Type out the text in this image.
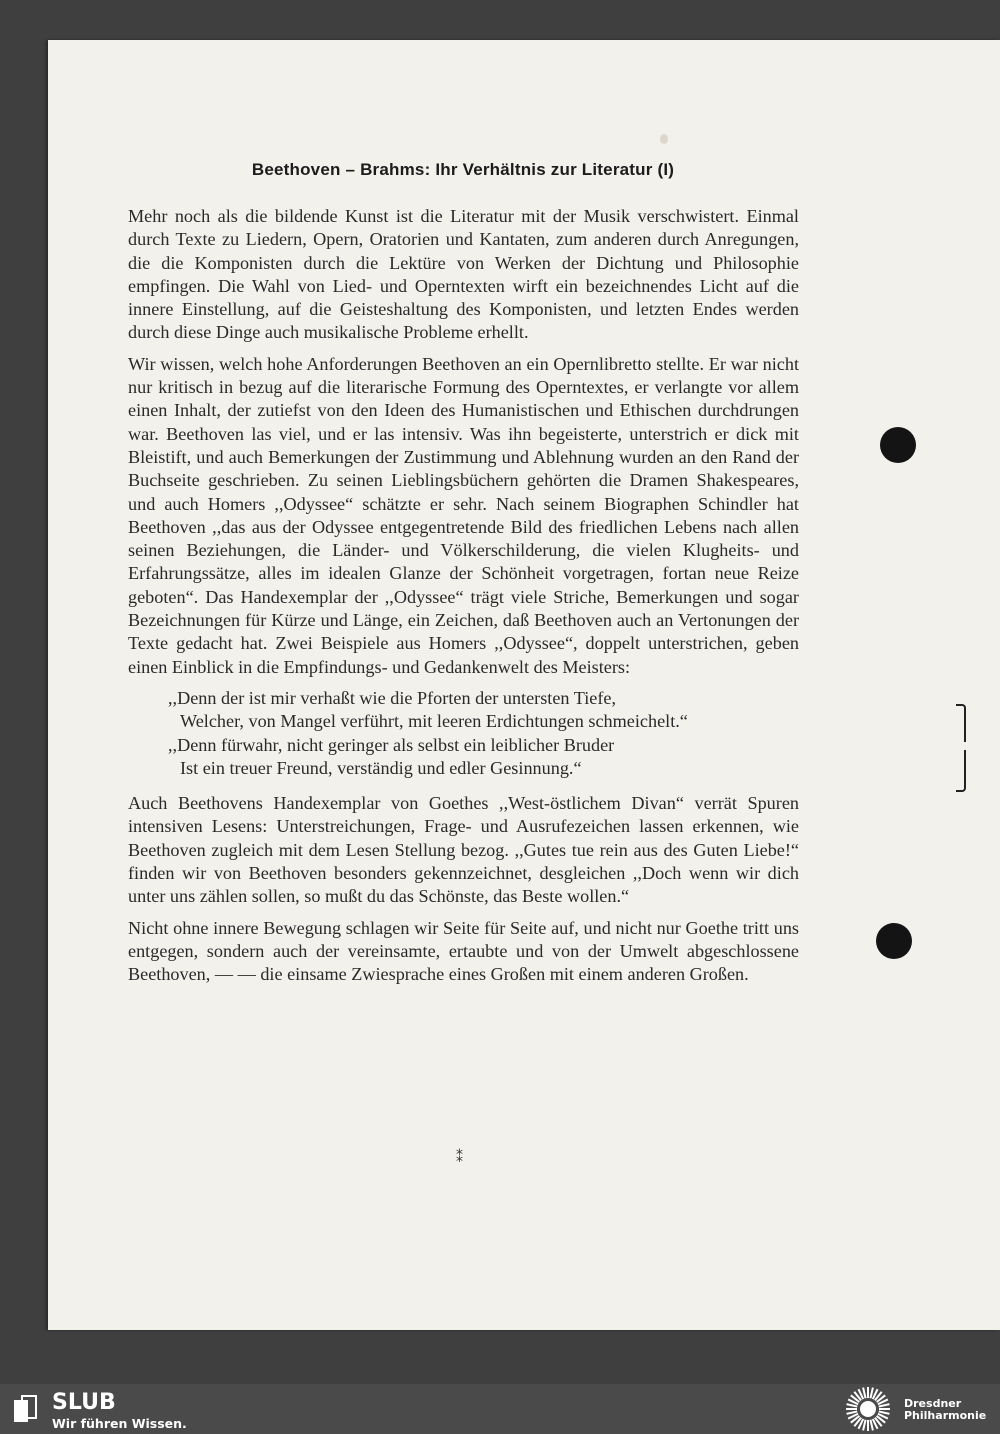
Beethoven – Brahms: Ihr Verhältnis zur Literatur (I)

Mehr noch als die bildende Kunst ist die Literatur mit der Musik verschwistert. Einmal durch Texte zu Liedern, Opern, Oratorien und Kantaten, zum anderen durch Anregungen, die die Komponisten durch die Lektüre von Werken der Dichtung und Philosophie empfingen. Die Wahl von Lied- und Operntexten wirft ein bezeichnendes Licht auf die innere Einstellung, auf die Geisteshaltung des Komponisten, und letzten Endes werden durch diese Dinge auch musikalische Probleme erhellt.

Wir wissen, welch hohe Anforderungen Beethoven an ein Opernlibretto stellte. Er war nicht nur kritisch in bezug auf die literarische Formung des Operntextes, er verlangte vor allem einen Inhalt, der zutiefst von den Ideen des Humanistischen und Ethischen durchdrungen war. Beethoven las viel, und er las intensiv. Was ihn begeisterte, unterstrich er dick mit Bleistift, und auch Bemerkungen der Zustimmung und Ablehnung wurden an den Rand der Buchseite geschrieben. Zu seinen Lieblingsbüchern gehörten die Dramen Shakespeares, und auch Homers ,,Odyssee“ schätzte er sehr. Nach seinem Biographen Schindler hat Beethoven ,,das aus der Odyssee entgegentretende Bild des friedlichen Lebens nach allen seinen Beziehungen, die Länder- und Völkerschilderung, die vielen Klugheits- und Erfahrungssätze, alles im idealen Glanze der Schönheit vorgetragen, fortan neue Reize geboten“. Das Handexemplar der ,,Odyssee“ trägt viele Striche, Bemerkungen und sogar Bezeichnungen für Kürze und Länge, ein Zeichen, daß Beethoven auch an Vertonungen der Texte gedacht hat. Zwei Beispiele aus Homers ,,Odyssee“, doppelt unterstrichen, geben einen Einblick in die Empfindungs- und Gedankenwelt des Meisters:

,,Denn der ist mir verhaßt wie die Pforten der untersten Tiefe,
Welcher, von Mangel verführt, mit leeren Erdichtungen schmeichelt.“
,,Denn fürwahr, nicht geringer als selbst ein leiblicher Bruder
Ist ein treuer Freund, verständig und edler Gesinnung.“

Auch Beethovens Handexemplar von Goethes ,,West-östlichem Divan“ verrät Spuren intensiven Lesens: Unterstreichungen, Frage- und Ausrufezeichen lassen erkennen, wie Beethoven zugleich mit dem Lesen Stellung bezog. ,,Gutes tue rein aus des Guten Liebe!“ finden wir von Beethoven besonders gekennzeichnet, desgleichen ,,Doch wenn wir dich unter uns zählen sollen, so mußt du das Schönste, das Beste wollen.“

Nicht ohne innere Bewegung schlagen wir Seite für Seite auf, und nicht nur Goethe tritt uns entgegen, sondern auch der vereinsamte, ertaubte und von der Umwelt abgeschlossene Beethoven, — — die einsame Zwiesprache eines Großen mit einem anderen Großen.

⁑
SLUB
Wir führen Wissen.
Dresdner
Philharmonie
